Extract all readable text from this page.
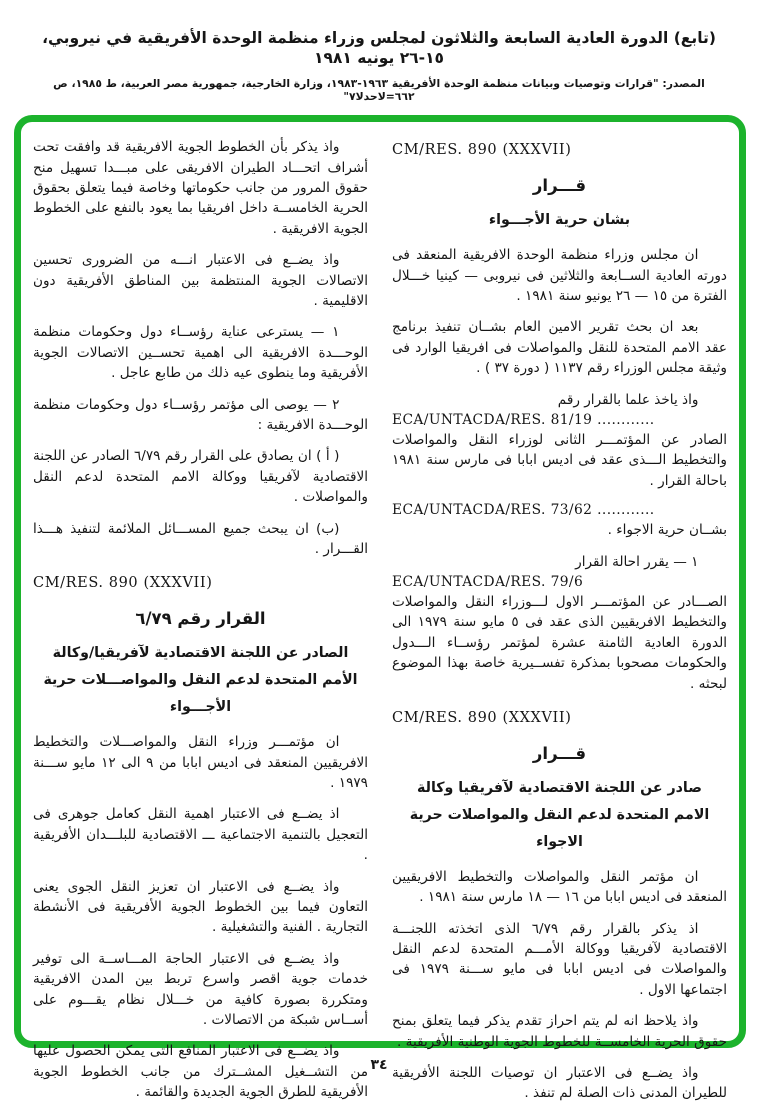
(تابع) الدورة العادية السابعة والثلاثون لمجلس وزراء منظمة الوحدة الأفريقية في نيروبي، ١٥-٢٦ يونيه ١٩٨١
المصدر: "قرارات وتوصيات وبيانات منظمة الوحدة الأفريقية ١٩٦٣-١٩٨٣، وزارة الخارجية، جمهورية مصر العربية، ط ١٩٨٥، ص ٦٦٢=لاحدلا٧"
CM/RES. 890 (XXXVII)
قـــرار
بشان حرية الأجـــواء
ان مجلس وزراء منظمة الوحدة الافريقية المنعقد فى دورته العادية الســابعة والثلاثين فى نيروبى — كينيا خـــلال الفترة من ١٥ — ٢٦ يونيو سنة ١٩٨١ .
بعد ان بحث تقرير الامين العام بشــان تنفيذ برنامج عقد الامم المتحدة للنقل والمواصلات فى افريقيا الوارد فى وثيقة مجلس الوزراء رقم ١١٣٧ ( دورة ٣٧ ) .
واذ ياخذ علما بالقرار رقم
ECA/UNTACDA/RES. 81/19 ............
الصادر عن المؤتمـــر الثانى لوزراء النقل والمواصلات والتخطيط الـــذى عقد فى اديس ابابا فى مارس سنة ١٩٨١ باحالة القرار .
ECA/UNTACDA/RES. 73/62 ............
بشــان حرية الاجواء .
١ — يقرر احالة القرار
ECA/UNTACDA/RES. 79/6
الصـــادر عن المؤتمـــر الاول لـــوزراء النقل والمواصلات والتخطيط الافريقيين الذى عقد فى ٥ مايو سنة ١٩٧٩ الى الدورة العادية الثامنة عشرة لمؤتمر رؤســاء الـــدول والحكومات مصحوبا بمذكرة تفســيرية خاصة بهذا الموضوع لبحثه .
CM/RES. 890 (XXXVII)
قـــرار
صادر عن اللجنة الاقتصادية لآفريقيا وكالة الامم المتحدة لدعم النقل والمواصلات حرية الاجواء
ان مؤتمر النقل والمواصلات والتخطيط الافريقيين المنعقد فى اديس ابابا من ١٦ — ١٨ مارس سنة ١٩٨١ .
اذ يذكر بالقرار رقم ٦/٧٩ الذى اتخذته اللجنـــة الاقتصادية لآفريقيا ووكالة الأمـــم المتحدة لدعم النقل والمواصلات فى اديس ابابا فى مايو ســـنة ١٩٧٩ فى اجتماعها الاول .
واذ يلاحظ انه لم يتم احراز تقدم يذكر فيما يتعلق بمنح حقوق الحرية الخامســة للخطوط الجوية الوطنية الأفريقية .
واذ يضــع فى الاعتبار ان توصيات اللجنة الأفريقية للطيران المدنى ذات الصلة لم تنفذ .
واذ يذكر بأن الخطوط الجوية الافريقية قد وافقت تحت أشراف اتحـــاد الطيران الافريقى على مبـــدا تسهيل منح حقوق المرور من جانب حكوماتها وخاصة فيما يتعلق بحقوق الحرية الخامســة داخل افريقيا بما يعود بالنفع على الخطوط الجوية الافريقية .
واذ يضــع فى الاعتبار انـــه من الضرورى تحسين الاتصالات الجوية المنتظمة بين المناطق الأفريقية دون الاقليمية .
١ — يسترعى عناية رؤســاء دول وحكومات منظمة الوحـــدة الافريقية الى اهمية تحســين الاتصالات الجوية الأفريقية وما ينطوى عيه ذلك من طابع عاجل .
٢ — يوصى الى مؤتمر رؤســاء دول وحكومات منظمة الوحـــدة الافريقية :
( أ ) ان يصادق على القرار رقم ٦/٧٩ الصادر عن اللجنة الاقتصادية لآفريقيا ووكالة الامم المتحدة لدعم النقل والمواصلات .
(ب) ان يبحث جميع المســـائل الملائمة لتنفيذ هـــذا القـــرار .
CM/RES. 890 (XXXVII)
القرار رقم ٦/٧٩
الصادر عن اللجنة الاقتصادية لآفريقيا/وكالة الأمم المتحدة لدعم النقل والمواصـــلات حرية الأجـــواء
ان مؤتمـــر وزراء النقل والمواصـــلات والتخطيط الافريقيين المنعقد فى اديس ابابا من ٩ الى ١٢ مايو ســـنة ١٩٧٩ .
اذ يضــع فى الاعتبار اهمية النقل كعامل جوهرى فى التعجيل بالتنمية الاجتماعية ـــ الاقتصادية للبلـــدان الأفريقية .
واذ يضــع فى الاعتبار ان تعزيز النقل الجوى يعنى التعاون فيما بين الخطوط الجوية الأفريقية فى الأنشطة التجارية . الفنية والتشغيلية .
واذ يضــع فى الاعتبار الحاجة المـــاســة الى توفير خدمات جوية اقصر واسرع تربط بين المدن الافريقية ومتكررة بصورة كافية من خـــلال نظام يقـــوم على أســاس شبكة من الاتصالات .
واذ يضــع فى الاعتبار المنافع التى يمكن الحصول عليها من التشــغيل المشــترك من جانب الخطوط الجوية الأفريقية للطرق الجوية الجديدة والقائمة .
٣٤
